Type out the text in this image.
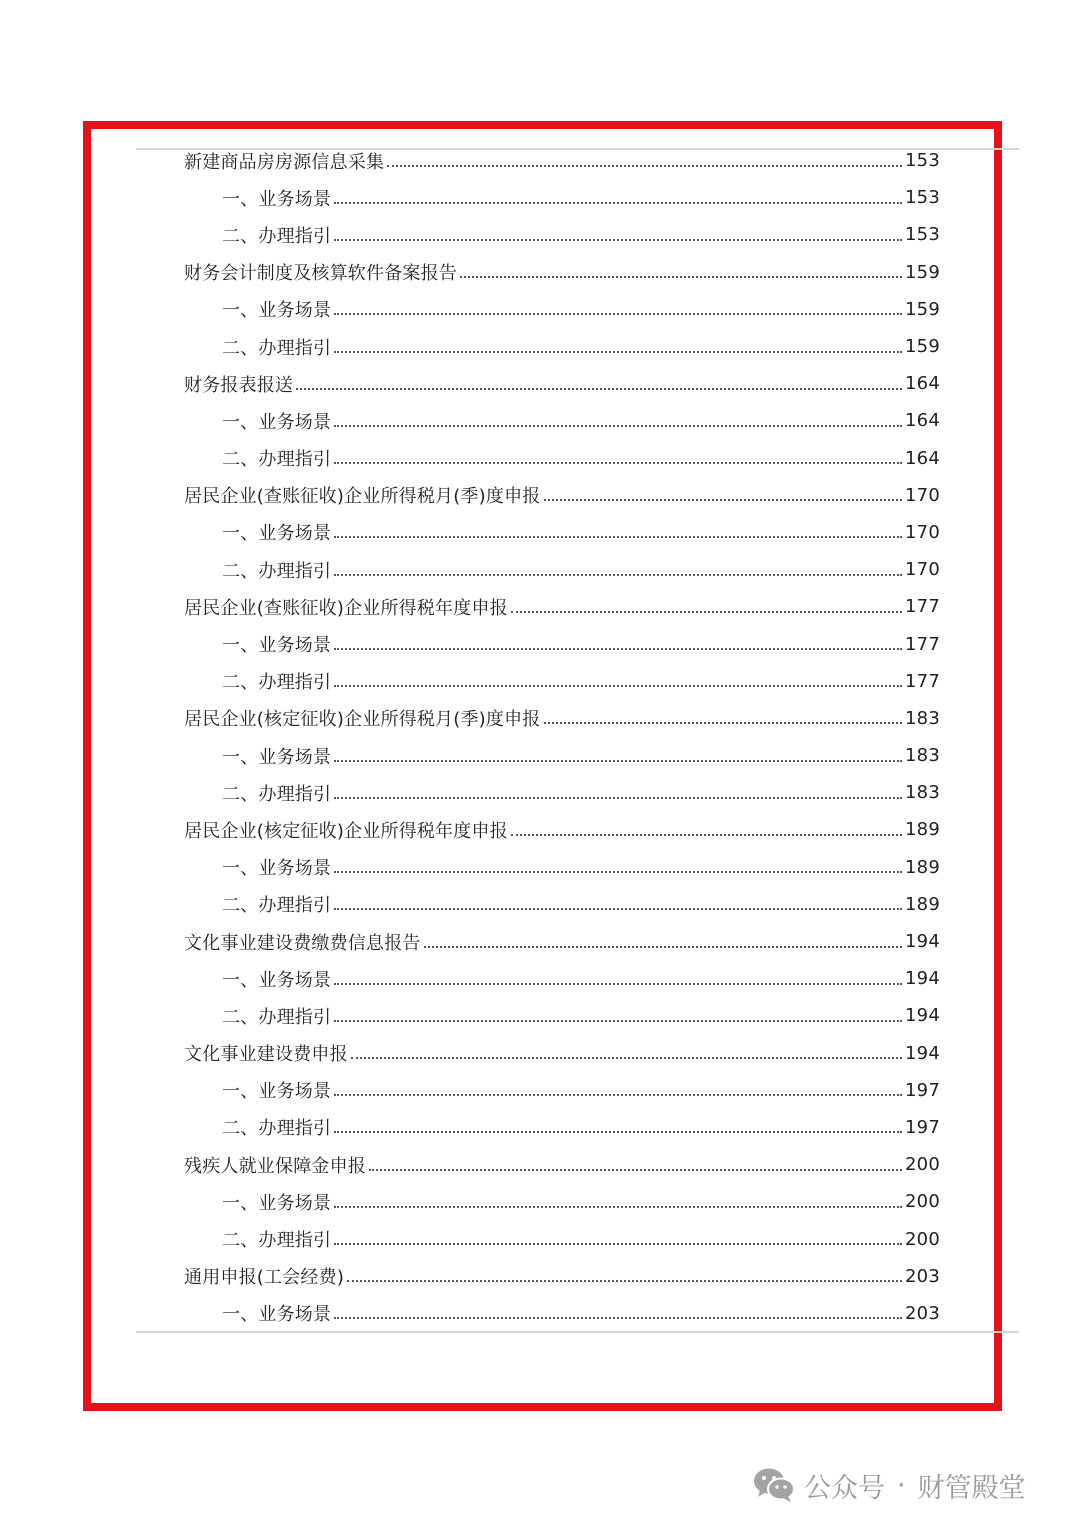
新建商品房房源信息采集	153
一、业务场景	153
二、办理指引	153
财务会计制度及核算软件备案报告	159
一、业务场景	159
二、办理指引	159
财务报表报送	164
一、业务场景	164
二、办理指引	164
居民企业(查账征收)企业所得税月(季)度申报	170
一、业务场景	170
二、办理指引	170
居民企业(查账征收)企业所得税年度申报	177
一、业务场景	177
二、办理指引	177
居民企业(核定征收)企业所得税月(季)度申报	183
一、业务场景	183
二、办理指引	183
居民企业(核定征收)企业所得税年度申报	189
一、业务场景	189
二、办理指引	189
文化事业建设费缴费信息报告	194
一、业务场景	194
二、办理指引	194
文化事业建设费申报	194
一、业务场景	197
二、办理指引	197
残疾人就业保障金申报	200
一、业务场景	200
二、办理指引	200
通用申报(工会经费)	203
一、业务场景	203
公众号 · 财管殿堂
